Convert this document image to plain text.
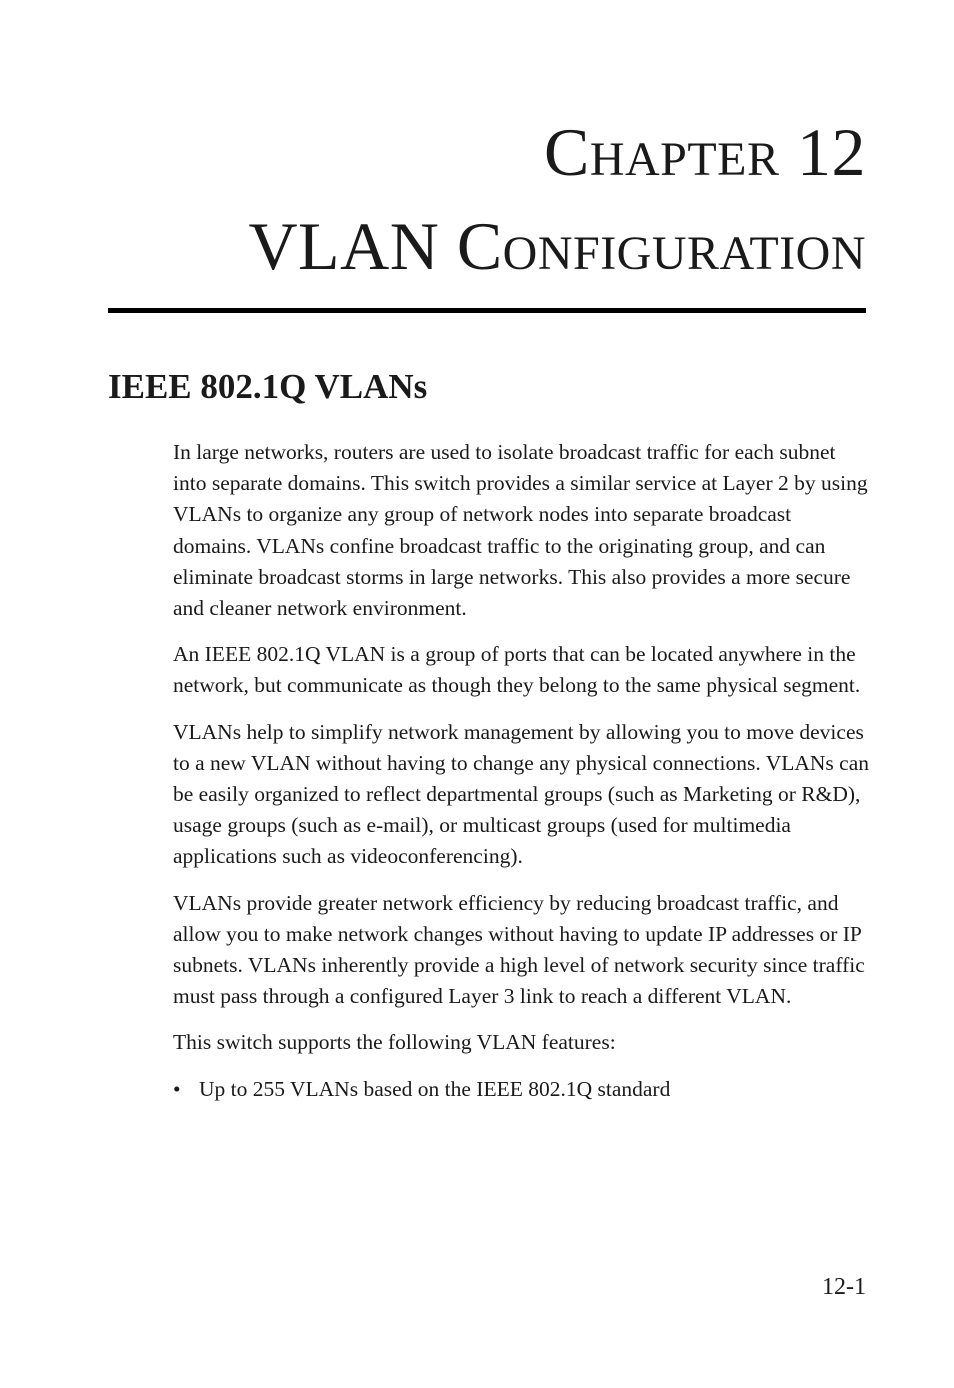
Chapter 12
VLAN Configuration
IEEE 802.1Q VLANs

In large networks, routers are used to isolate broadcast traffic for each subnet into separate domains. This switch provides a similar service at Layer 2 by using VLANs to organize any group of network nodes into separate broadcast domains. VLANs confine broadcast traffic to the originating group, and can eliminate broadcast storms in large networks. This also provides a more secure and cleaner network environment.

An IEEE 802.1Q VLAN is a group of ports that can be located anywhere in the network, but communicate as though they belong to the same physical segment.

VLANs help to simplify network management by allowing you to move devices to a new VLAN without having to change any physical connections. VLANs can be easily organized to reflect departmental groups (such as Marketing or R&D), usage groups (such as e-mail), or multicast groups (used for multimedia applications such as videoconferencing).

VLANs provide greater network efficiency by reducing broadcast traffic, and allow you to make network changes without having to update IP addresses or IP subnets. VLANs inherently provide a high level of network security since traffic must pass through a configured Layer 3 link to reach a different VLAN.

This switch supports the following VLAN features:

• Up to 255 VLANs based on the IEEE 802.1Q standard
12-1
